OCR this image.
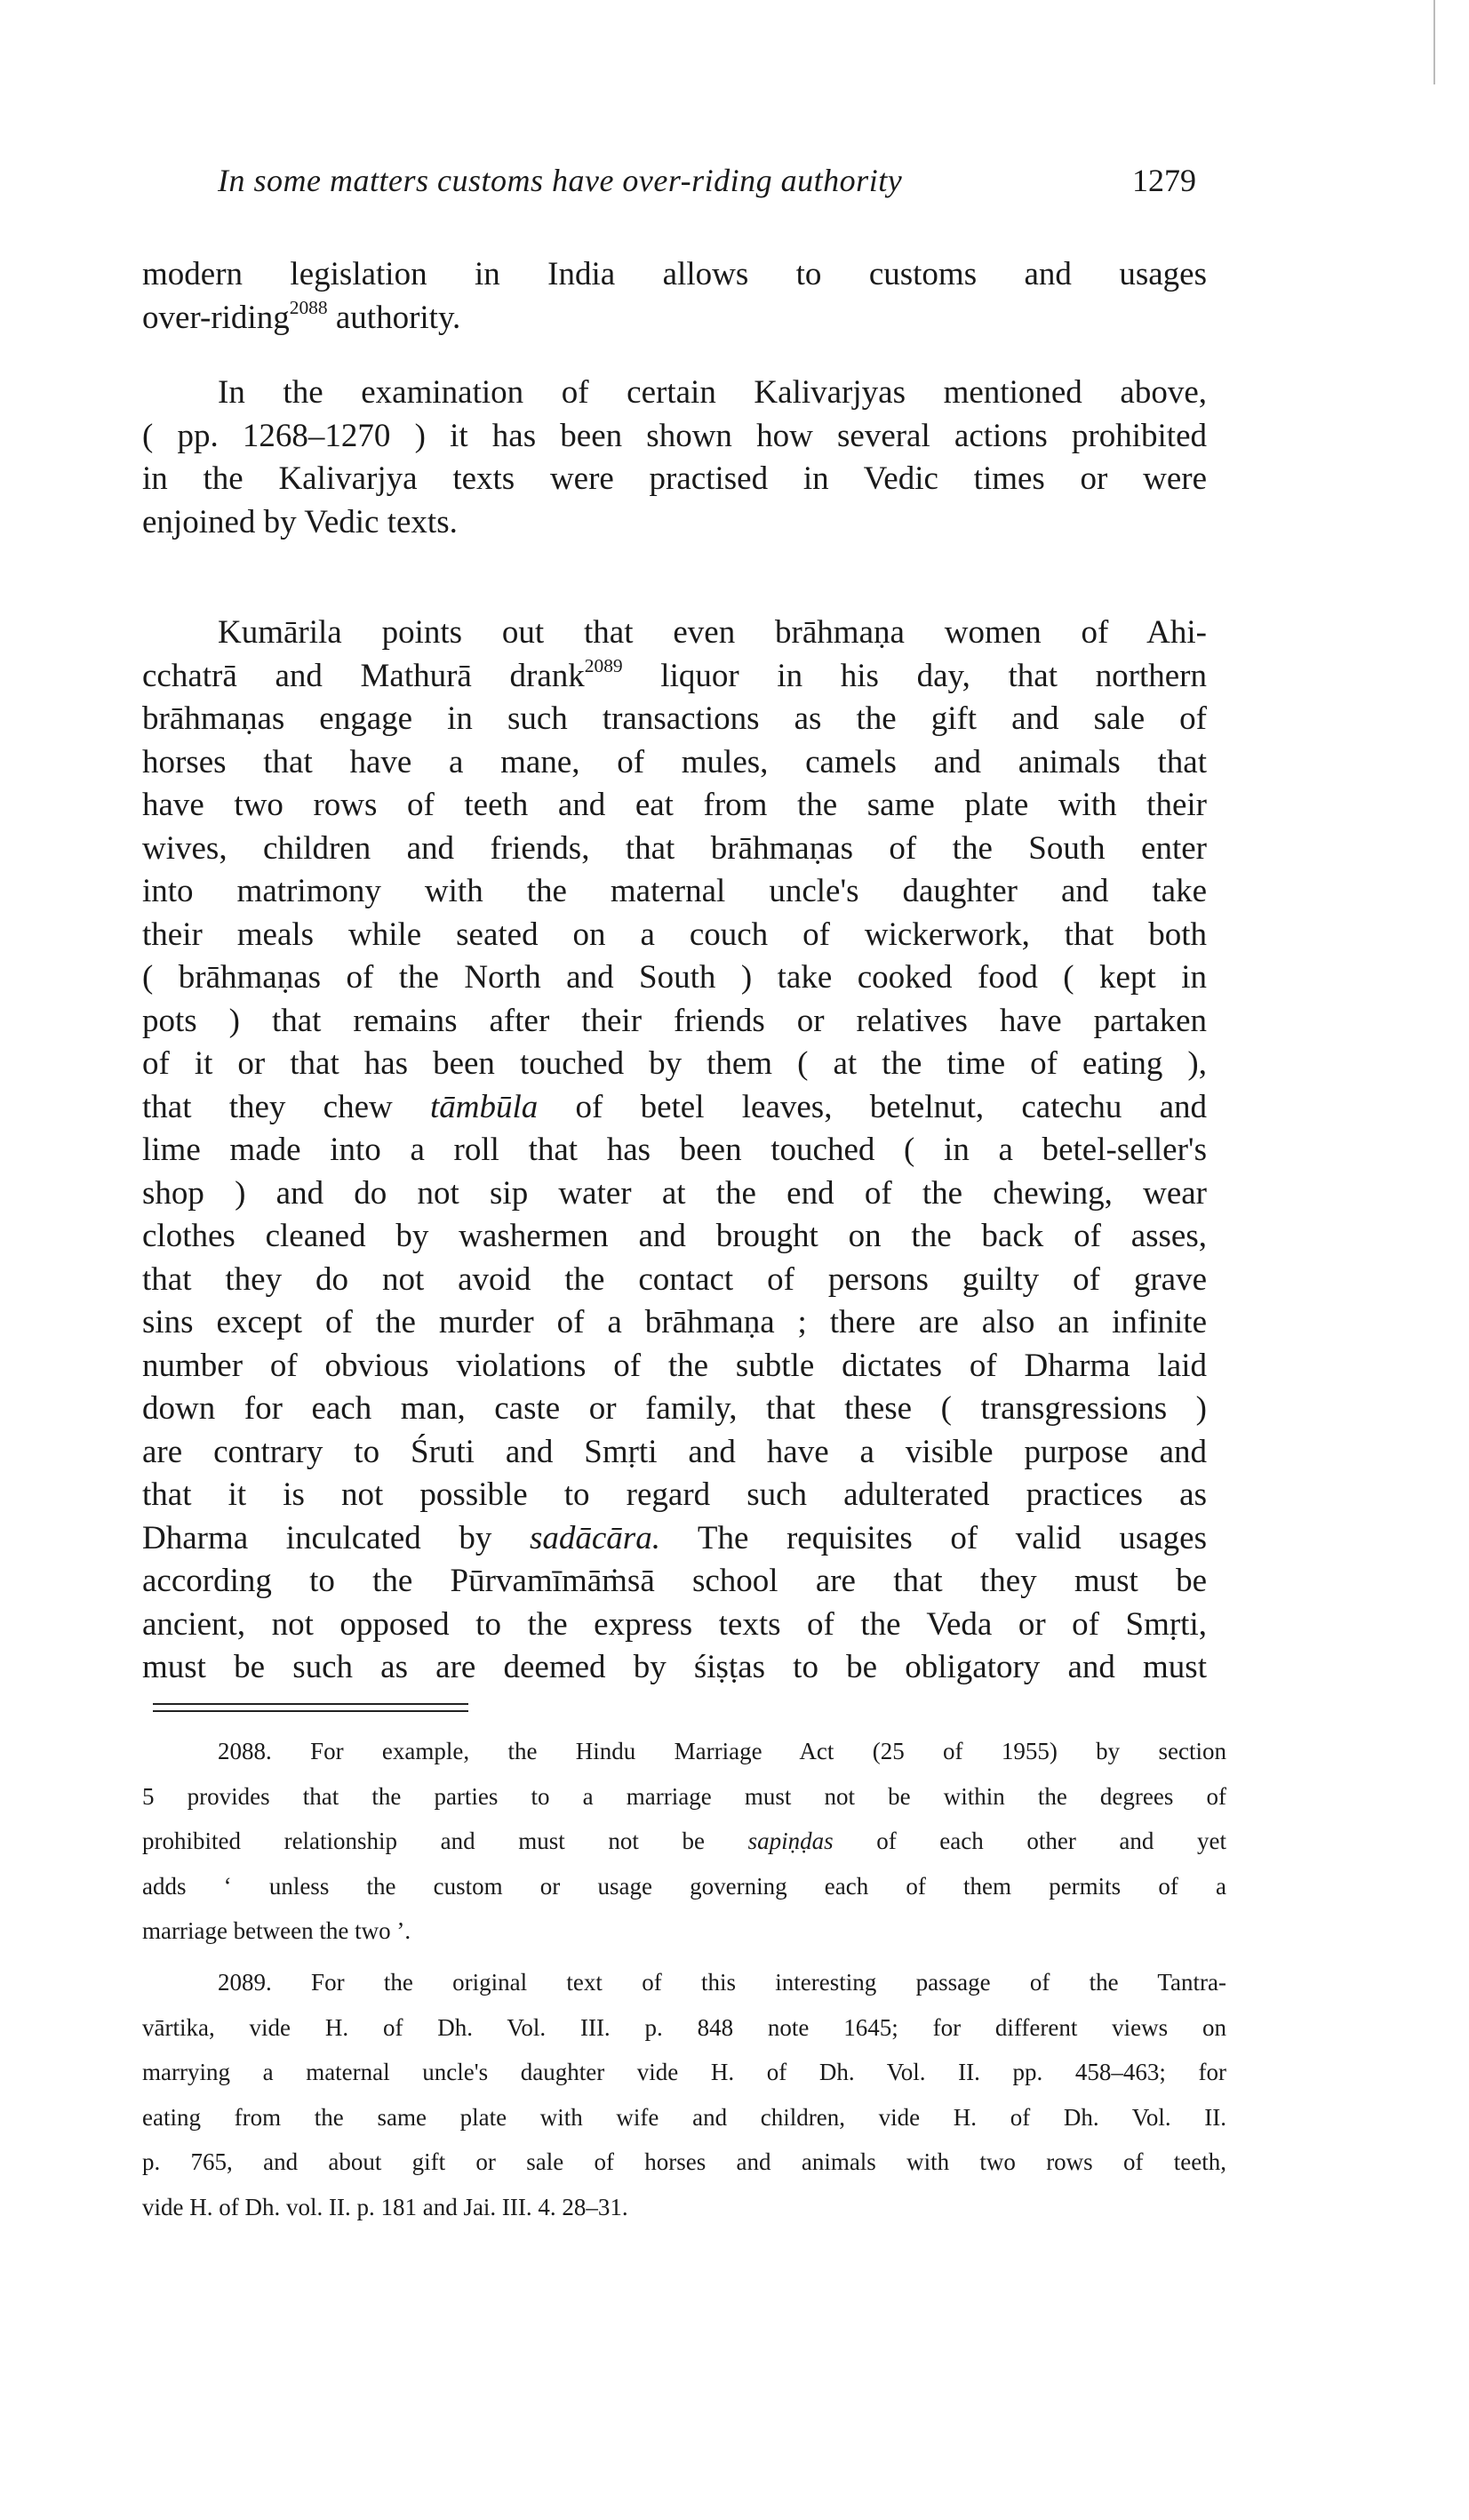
In some matters customs have over-riding authority	1279
modern legislation in India allows to customs and usages
over-riding$^{2088}$ authority.
In the examination of certain Kalivarjyas mentioned above,
( pp. 1268–1270 ) it has been shown how several actions prohibited
in the Kalivarjya texts were practised in Vedic times or were
enjoined by Vedic texts.
Kumārila points out that even brāhmaṇa women of Ahi-
cchatrā and Mathurā drank$^{2089}$ liquor in his day, that northern
brāhmaṇas engage in such transactions as the gift and sale of
horses that have a mane, of mules, camels and animals that
have two rows of teeth and eat from the same plate with their
wives, children and friends, that brāhmaṇas of the South enter
into matrimony with the maternal uncle's daughter and take
their meals while seated on a couch of wickerwork, that both
( brāhmaṇas of the North and South ) take cooked food ( kept in
pots ) that remains after their friends or relatives have partaken
of it or that has been touched by them ( at the time of eating ),
that they chew tāmbūla of betel leaves, betelnut, catechu and
lime made into a roll that has been touched ( in a betel-seller's
shop ) and do not sip water at the end of the chewing, wear
clothes cleaned by washermen and brought on the back of asses,
that they do not avoid the contact of persons guilty of grave
sins except of the murder of a brāhmaṇa ; there are also an infinite
number of obvious violations of the subtle dictates of Dharma laid
down for each man, caste or family, that these ( transgressions )
are contrary to Śruti and Smṛti and have a visible purpose and
that it is not possible to regard such adulterated practices as
Dharma inculcated by sadācāra. The requisites of valid usages
according to the Pūrvamīmāṁsā school are that they must be
ancient, not opposed to the express texts of the Veda or of Smṛti,
must be such as are deemed by śiṣṭas to be obligatory and must
2088. For example, the Hindu Marriage Act (25 of 1955) by section
5 provides that the parties to a marriage must not be within the degrees of
prohibited relationship and must not be sapiṇḍas of each other and yet
adds ‘ unless the custom or usage governing each of them permits of a
marriage between the two ’.
2089. For the original text of this interesting passage of the Tantra-
vārtika, vide H. of Dh. Vol. III. p. 848 note 1645; for different views on
marrying a maternal uncle's daughter vide H. of Dh. Vol. II. pp. 458–463; for
eating from the same plate with wife and children, vide H. of Dh. Vol. II.
p. 765, and about gift or sale of horses and animals with two rows of teeth,
vide H. of Dh. vol. II. p. 181 and Jai. III. 4. 28–31.
